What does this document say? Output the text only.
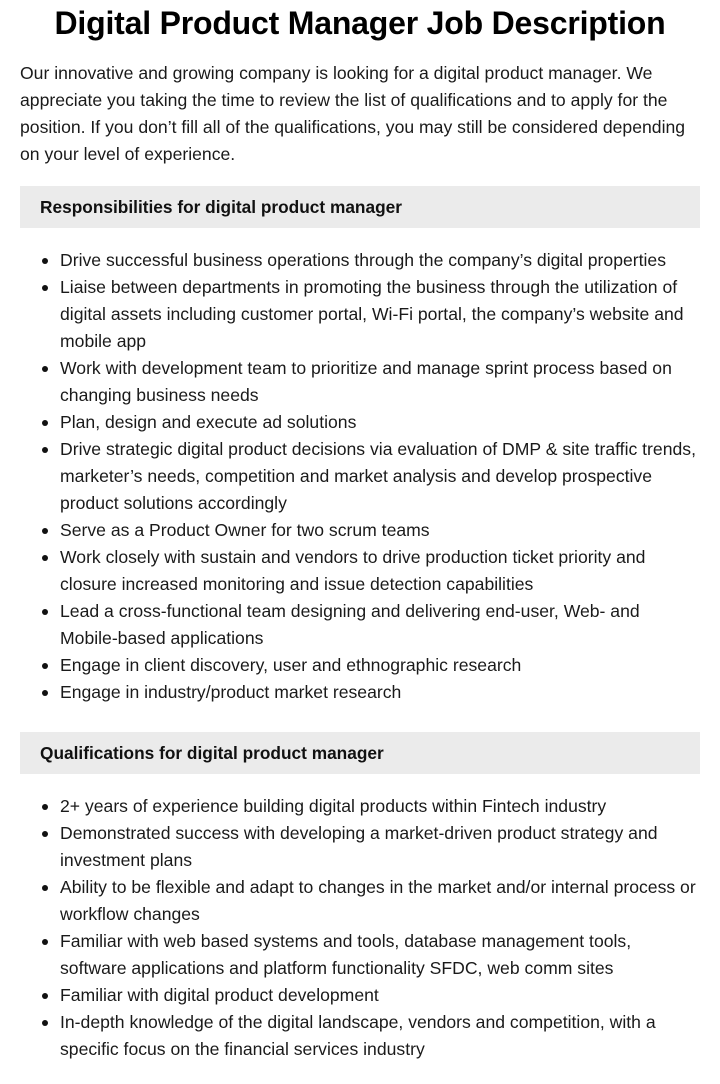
Digital Product Manager Job Description

Our innovative and growing company is looking for a digital product manager. We appreciate you taking the time to review the list of qualifications and to apply for the position. If you don’t fill all of the qualifications, you may still be considered depending on your level of experience.

Responsibilities for digital product manager
Drive successful business operations through the company’s digital properties
Liaise between departments in promoting the business through the utilization of digital assets including customer portal, Wi-Fi portal, the company’s website and mobile app
Work with development team to prioritize and manage sprint process based on changing business needs
Plan, design and execute ad solutions
Drive strategic digital product decisions via evaluation of DMP & site traffic trends, marketer’s needs, competition and market analysis and develop prospective product solutions accordingly
Serve as a Product Owner for two scrum teams
Work closely with sustain and vendors to drive production ticket priority and closure increased monitoring and issue detection capabilities
Lead a cross-functional team designing and delivering end-user, Web- and Mobile-based applications
Engage in client discovery, user and ethnographic research
Engage in industry/product market research
Qualifications for digital product manager
2+ years of experience building digital products within Fintech industry
Demonstrated success with developing a market-driven product strategy and investment plans
Ability to be flexible and adapt to changes in the market and/or internal process or workflow changes
Familiar with web based systems and tools, database management tools, software applications and platform functionality SFDC, web comm sites
Familiar with digital product development
In-depth knowledge of the digital landscape, vendors and competition, with a specific focus on the financial services industry
